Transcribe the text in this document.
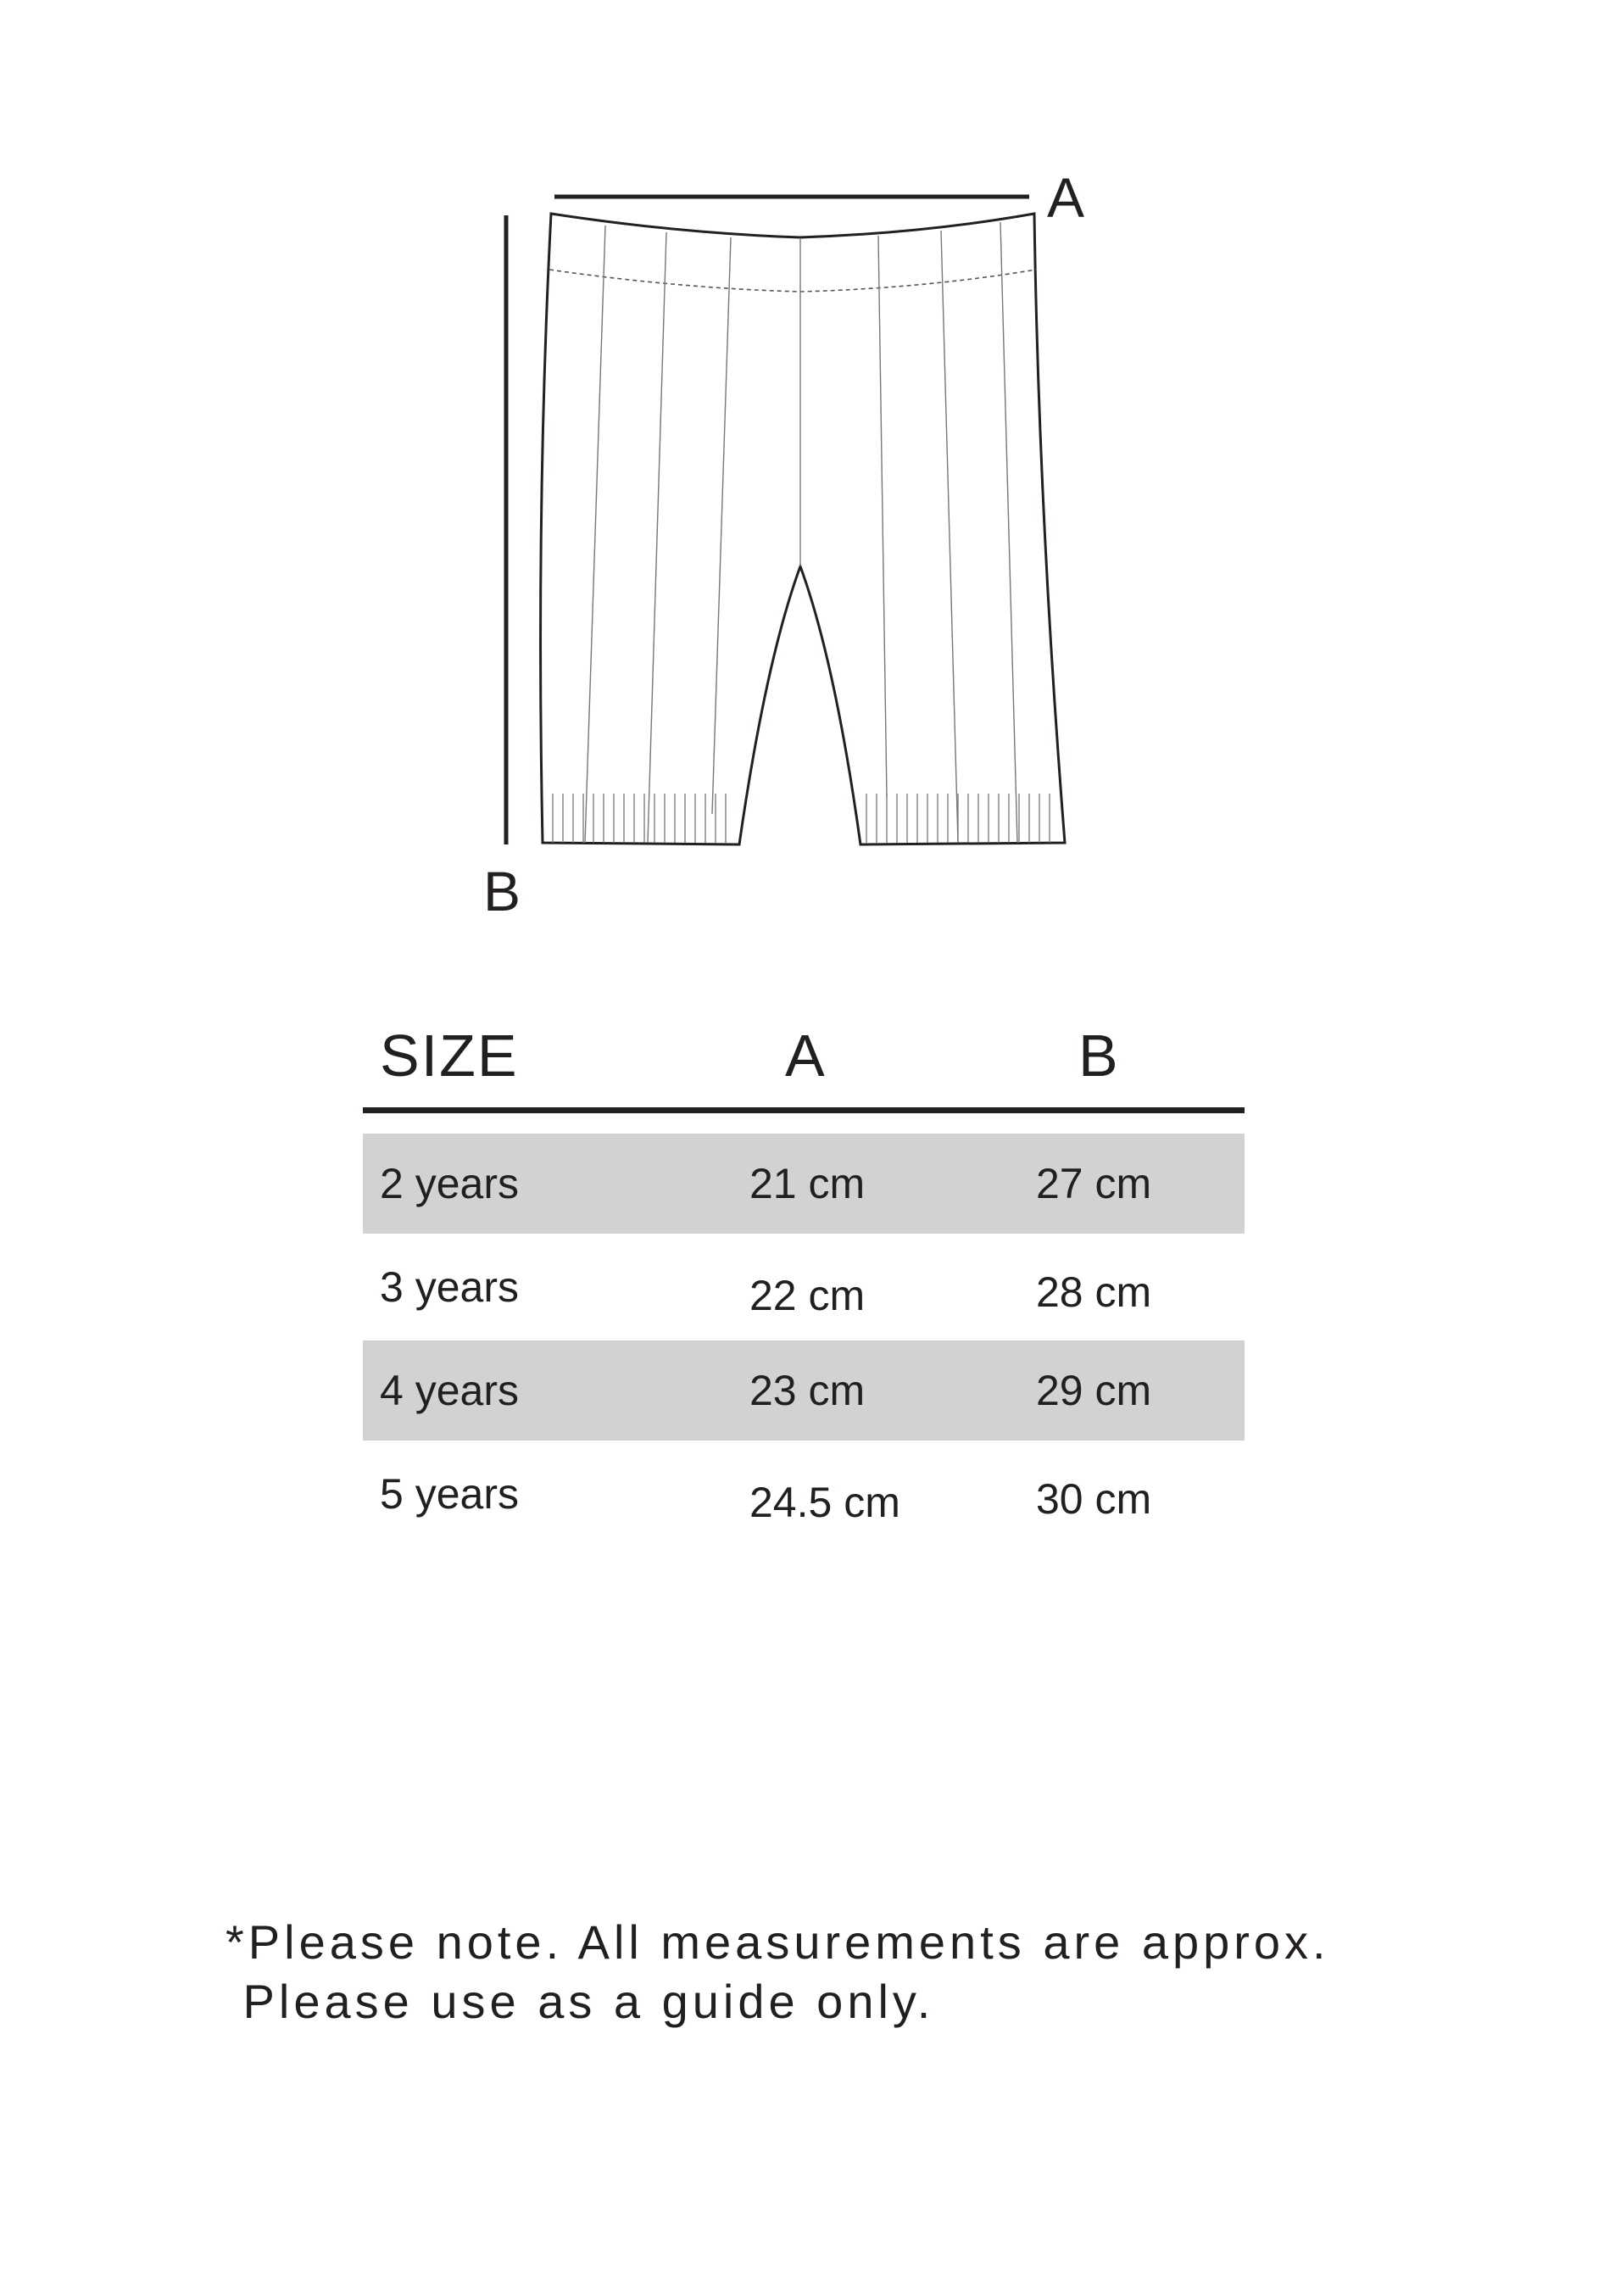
A
B
SIZE	A	B
2 years	21 cm	27 cm
3 years	22 cm	28 cm
4 years	23 cm	29 cm
5 years	24.5 cm	30 cm
*Please note. All measurements are approx.
Please use as a guide only.
